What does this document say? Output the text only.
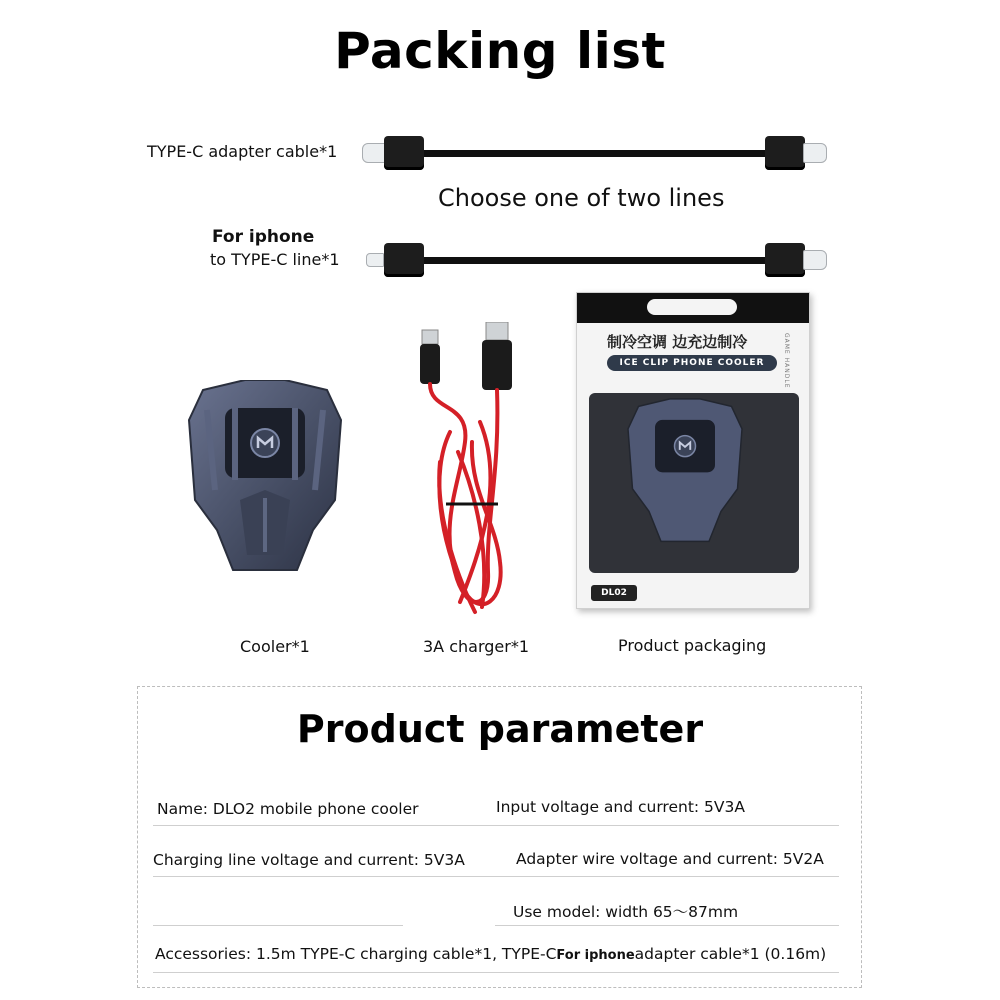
Packing list
TYPE-C adapter cable*1
Choose one of two lines
For iphone
to TYPE-C line*1
制冷空调 边充边制冷
ICE CLIP PHONE COOLER	GAME HANDLE
DL02
Cooler*1	3A charger*1	Product packaging
Product parameter
Name: DLO2 mobile phone cooler	Input voltage and current: 5V3A
Charging line voltage and current: 5V3A	Adapter wire voltage and current: 5V2A
Use model: width 65～87mm
Accessories: 1.5m TYPE-C charging cable*1, TYPE-CFor iphoneadapter cable*1 (0.16m)
